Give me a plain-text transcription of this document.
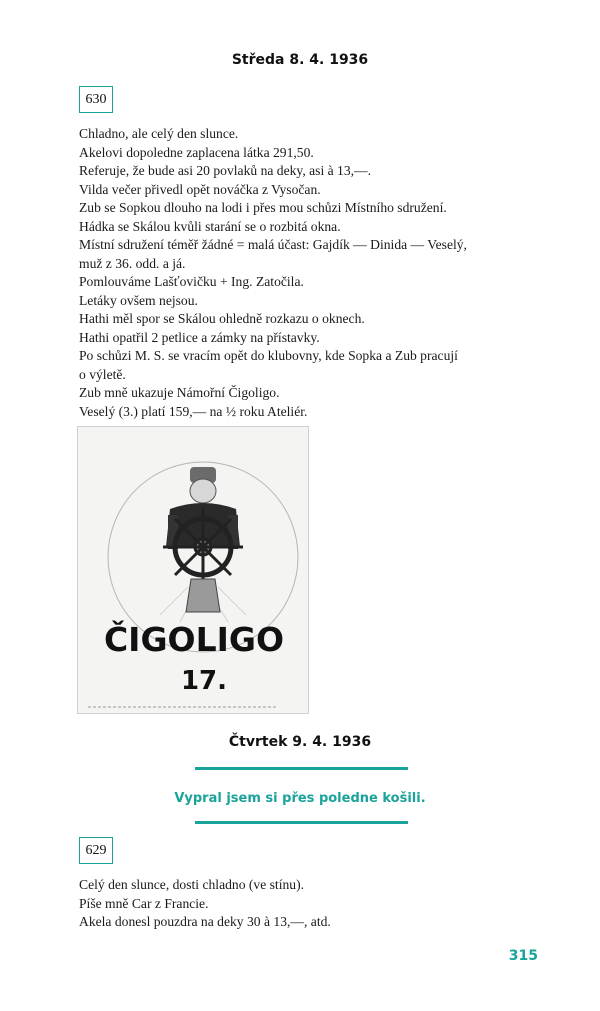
Středa 8. 4. 1936
630
Chladno, ale celý den slunce.
Akelovi dopoledne zaplacena látka 291,50.
Referuje, že bude asi 20 povlaků na deky, asi à 13,—.
Vilda večer přivedl opět nováčka z Vysočan.
Zub se Sopkou dlouho na lodi i přes mou schůzi Místního sdružení.
Hádka se Skálou kvůli starání se o rozbitá okna.
Místní sdružení téměř žádné = malá účast: Gajdík — Dinida — Veselý,
muž z 36. odd. a já.
Pomlouváme Lašťovičku + Ing. Zatočila.
Letáky ovšem nejsou.
Hathi měl spor se Skálou ohledně rozkazu o oknech.
Hathi opatřil 2 petlice a zámky na přístavky.
Po schůzi M. S. se vracím opět do klubovny, kde Sopka a Zub pracují
o výletě.
Zub mně ukazuje Námořní Čigoligo.
Veselý (3.) platí 159,— na ½ roku Ateliér.
ČIGOLIGO
17.
Čtvrtek 9. 4. 1936
Vypral jsem si přes poledne košili.
629
Celý den slunce, dosti chladno (ve stínu).
Píše mně Car z Francie.
Akela donesl pouzdra na deky 30 à 13,—, atd.
315
